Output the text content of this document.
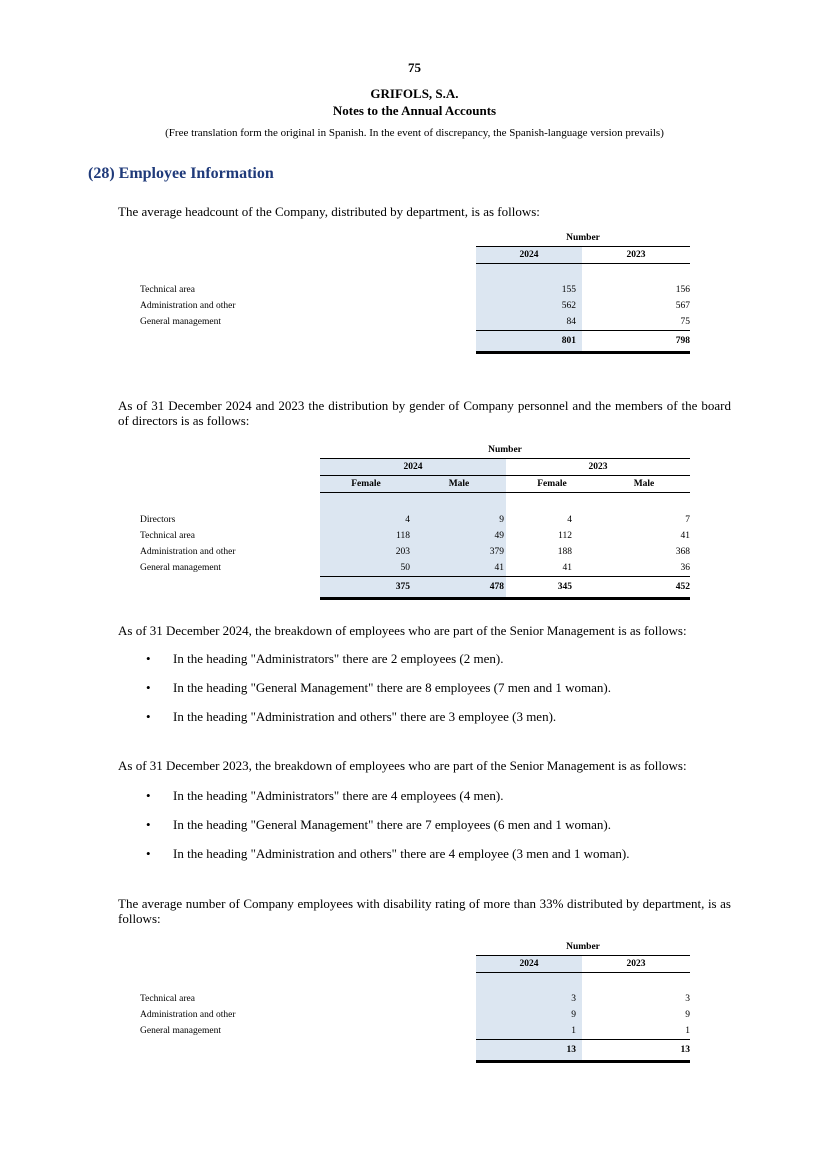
75
GRIFOLS, S.A.
Notes to the Annual Accounts
(Free translation form the original in Spanish. In the event of discrepancy, the Spanish-language version prevails)
(28) Employee Information
The average headcount of the Company, distributed by department, is as follows:
	Number	
	2024	2023

Technical area	155	156
Administration and other	562	567
General management	84	75
	801	798
As of 31 December 2024 and 2023 the distribution by gender of Company personnel and the members of the board of directors is as follows:
	Number			
	2024		2023	
	Female	Male	Female	Male

Directors	4	9	4	7
Technical area	118	49	112	41
Administration and other	203	379	188	368
General management	50	41	41	36
	375	478	345	452
As of 31 December 2024, the breakdown of employees who are part of the Senior Management is as follows:
• In the heading "Administrators" there are 2 employees (2 men).
• In the heading "General Management" there are 8 employees (7 men and 1 woman).
• In the heading "Administration and others" there are 3 employee (3 men).
As of 31 December 2023, the breakdown of employees who are part of the Senior Management is as follows:
• In the heading "Administrators" there are 4 employees (4 men).
• In the heading "General Management" there are 7 employees (6 men and 1 woman).
• In the heading "Administration and others" there are 4 employee (3 men and 1 woman).
The average number of Company employees with disability rating of more than 33% distributed by department, is as follows:
	Number	
	2024	2023

Technical area	3	3
Administration and other	9	9
General management	1	1
	13	13
